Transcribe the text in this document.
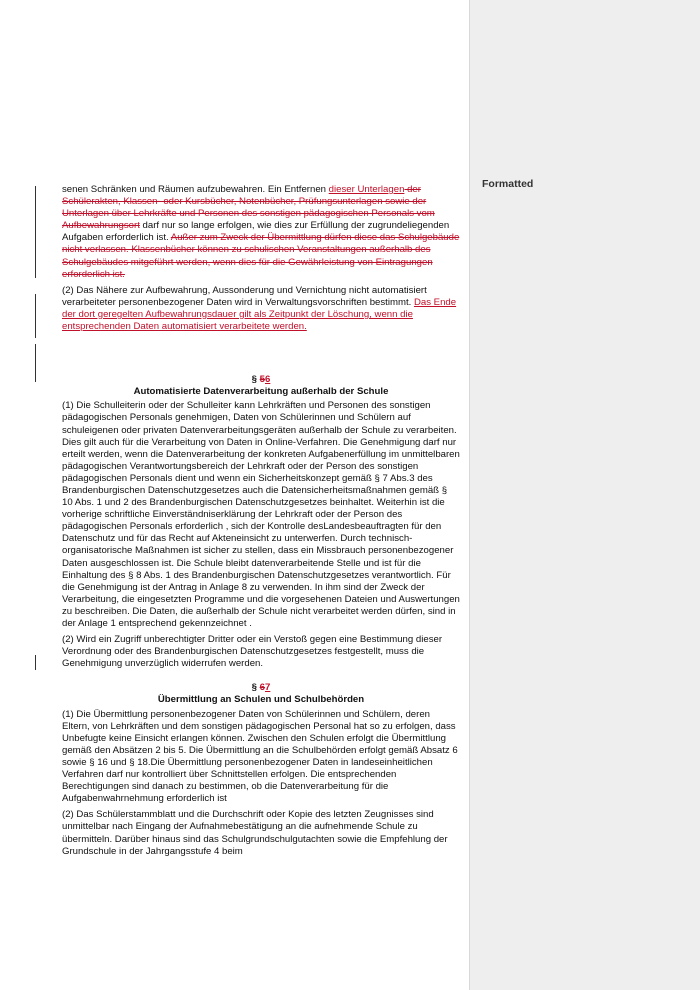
Formatted

senen Schränken und Räumen aufzubewahren. Ein Entfernen dieser Unterlagen der Schülerakten, Klassen- oder Kursbücher, Notenbücher, Prüfungsunterlagen sowie der Unterlagen über Lehrkräfte und Personen des sonstigen pädagogischen Personals vom Aufbewahrungsort darf nur so lange erfolgen, wie dies zur Erfüllung der zugrundeliegenden Aufgaben erforderlich ist. Außer zum Zweck der Übermittlung dürfen diese das Schulgebäude nicht verlassen. Klassenbücher können zu schulischen Veranstaltungen außerhalb des Schulgebäudes mitgeführt werden, wenn dies für die Gewährleistung von Eintragungen erforderlich ist.

(2) Das Nähere zur Aufbewahrung, Aussonderung und Vernichtung nicht automatisiert verarbeiteter personenbezogener Daten wird in Verwaltungsvorschriften bestimmt. Das Ende der dort geregelten Aufbewahrungsdauer gilt als Zeitpunkt der Löschung, wenn die entsprechenden Daten automatisiert verarbeitete werden.

§ 56

Automatisierte Datenverarbeitung außerhalb der Schule

(1) Die Schulleiterin oder der Schulleiter kann Lehrkräften und Personen des sonstigen pädagogischen Personals genehmigen, Daten von Schülerinnen und Schülern auf schuleigenen oder privaten Datenverarbeitungsgeräten außerhalb der Schule zu verarbeiten. Dies gilt auch für die Verarbeitung von Daten in Online-Verfahren. Die Genehmigung darf nur erteilt werden, wenn die Datenverarbeitung der konkreten Aufgabenerfüllung im unmittelbaren pädagogischen Verantwortungsbereich der Lehrkraft oder der Person des sonstigen pädagogischen Personals dient und wenn ein Sicherheitskonzept gemäß § 7 Abs.3 des Brandenburgischen Datenschutzgesetzes auch die Datensicherheitsmaßnahmen gemäß § 10 Abs. 1 und 2 des Brandenburgischen Datenschutzgesetzes beinhaltet. Weiterhin ist die vorherige schriftliche Einverständniserklärung der Lehrkraft oder der Person des pädagogischen Personals erforderlich , sich der Kontrolle desLandesbeauftragten für den Datenschutz und für das Recht auf Akteneinsicht zu unterwerfen. Durch technisch-organisatorische Maßnahmen ist sicher zu stellen, dass ein Missbrauch personenbezogener Daten ausgeschlossen ist. Die Schule bleibt datenverarbeitende Stelle und ist für die Einhaltung des § 8 Abs. 1 des Brandenburgischen Datenschutzgesetzes verantwortlich. Für die Genehmigung ist der Antrag in Anlage 8 zu verwenden. In ihm sind der Zweck der Verarbeitung, die eingesetzten Programme und die vorgesehenen Dateien und Auswertungen zu beschreiben. Die Daten, die außerhalb der Schule nicht verarbeitet werden dürfen, sind in der Anlage 1 entsprechend gekennzeichnet .

(2) Wird ein Zugriff unberechtigter Dritter oder ein Verstoß gegen eine Bestimmung dieser Verordnung oder des Brandenburgischen Datenschutzgesetzes festgestellt, muss die Genehmigung unverzüglich widerrufen werden.

§ 67

Übermittlung an Schulen und Schulbehörden

(1) Die Übermittlung personenbezogener Daten von Schülerinnen und Schülern, deren Eltern, von Lehrkräften und dem sonstigen pädagogischen Personal hat so zu erfolgen, dass Unbefugte keine Einsicht erlangen können. Zwischen den Schulen erfolgt die Übermittlung gemäß den Absätzen 2 bis 5. Die Übermittlung an die Schulbehörden erfolgt gemäß Absatz 6 sowie § 16 und § 18.Die Übermittlung personenbezogener Daten in landeseinheitlichen Verfahren darf nur kontrolliert über Schnittstellen erfolgen. Die entsprechenden Berechtigungen sind danach zu bestimmen, ob die Datenverarbeitung für die Aufgabenwahrnehmung erforderlich ist

(2) Das Schülerstammblatt und die Durchschrift oder Kopie des letzten Zeugnisses sind unmittelbar nach Eingang der Aufnahmebestätigung an die aufnehmende Schule zu übermitteln. Darüber hinaus sind das Schulgrundschulgutachten sowie die Empfehlung der Grundschule in der Jahrgangsstufe 4 beim
